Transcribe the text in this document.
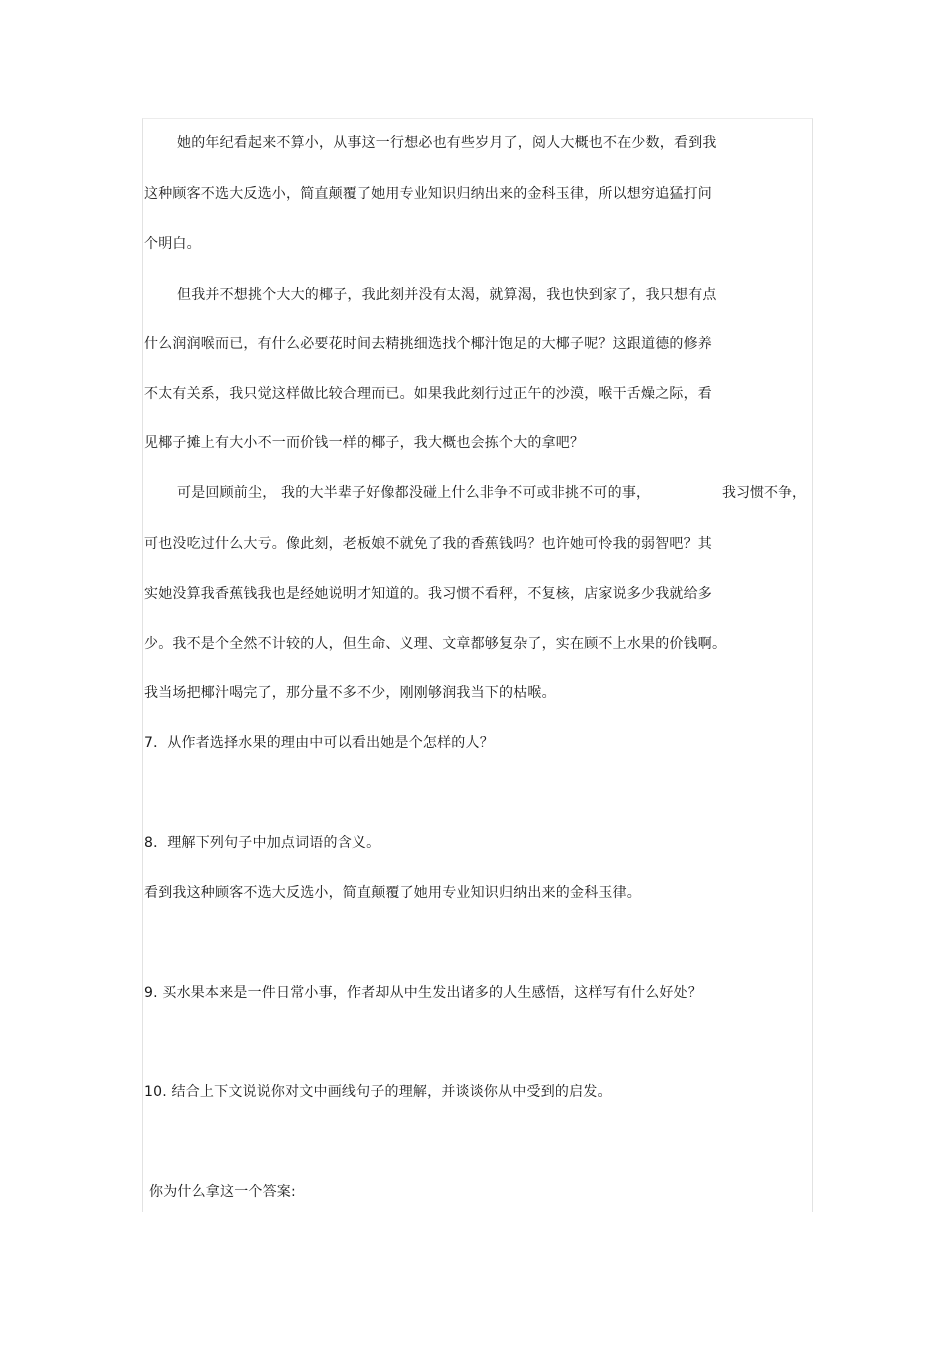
她的年纪看起来不算小，从事这一行想必也有些岁月了，阅人大概也不在少数，看到我
这种顾客不选大反选小，简直颠覆了她用专业知识归纳出来的金科玉律，所以想穷追猛打问
个明白。
但我并不想挑个大大的椰子，我此刻并没有太渴，就算渴，我也快到家了，我只想有点
什么润润喉而已，有什么必要花时间去精挑细选找个椰汁饱足的大椰子呢？这跟道德的修养
不太有关系，我只觉这样做比较合理而已。如果我此刻行过正午的沙漠，喉干舌燥之际，看
见椰子摊上有大小不一而价钱一样的椰子，我大概也会拣个大的拿吧？
可是回顾前尘， 我的大半辈子好像都没碰上什么非争不可或非挑不可的事，	我习惯不争，
可也没吃过什么大亏。像此刻，老板娘不就免了我的香蕉钱吗？也许她可怜我的弱智吧？其
实她没算我香蕉钱我也是经她说明才知道的。我习惯不看秤，不复核，店家说多少我就给多
少。我不是个全然不计较的人，但生命、义理、文章都够复杂了，实在顾不上水果的价钱啊。
我当场把椰汁喝完了，那分量不多不少，刚刚够润我当下的枯喉。
7．从作者选择水果的理由中可以看出她是个怎样的人？
8．理解下列句子中加点词语的含义。
看到我这种顾客不选大反选小，简直颠覆了她用专业知识归纳出来的金科玉律。
9. 买水果本来是一件日常小事，作者却从中生发出诸多的人生感悟，这样写有什么好处？
10. 结合上下文说说你对文中画线句子的理解，并谈谈你从中受到的启发。
你为什么拿这一个答案:
